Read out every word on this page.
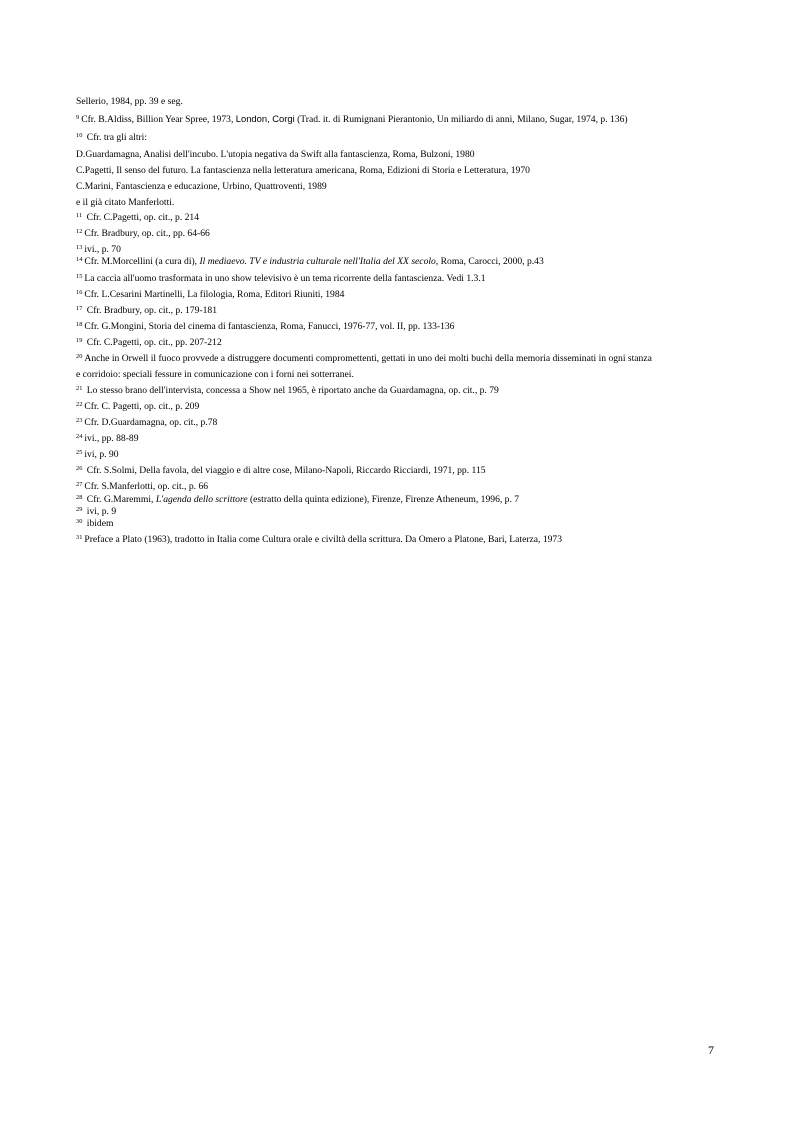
Sellerio, 1984, pp. 39 e seg.
$^9$ Cfr. B.Aldiss, Billion Year Spree, 1973, London, Corgi (Trad. it. di Rumignani Pierantonio, Un miliardo di anni, Milano, Sugar, 1974, p. 136)
$^{10}$ Cfr. tra gli altri:
D.Guardamagna, Analisi dell'incubo. L'utopia negativa da Swift alla fantascienza, Roma, Bulzoni, 1980
C.Pagetti, Il senso del futuro. La fantascienza nella letteratura americana, Roma, Edizioni di Storia e Letteratura, 1970
C.Marini, Fantascienza e educazione, Urbino, Quattroventi, 1989
e il già citato Manferlotti.
$^{11}$ Cfr. C.Pagetti, op. cit., p. 214
$^{12}$ Cfr. Bradbury, op. cit., pp. 64-66
$^{13}$ ivi., p. 70
$^{14}$ Cfr. M.Morcellini (a cura di), Il mediaevo. TV e industria culturale nell'Italia del XX secolo, Roma, Carocci, 2000, p.43
$^{15}$ La caccia all'uomo trasformata in uno show televisivo è un tema ricorrente della fantascienza. Vedi 1.3.1
$^{16}$ Cfr. L.Cesarini Martinelli, La filologia, Roma, Editori Riuniti, 1984
$^{17}$ Cfr. Bradbury, op. cit., p. 179-181
$^{18}$ Cfr. G.Mongini, Storia del cinema di fantascienza, Roma, Fanucci, 1976-77, vol. II, pp. 133-136
$^{19}$ Cfr. C.Pagetti, op. cit., pp. 207-212
$^{20}$ Anche in Orwell il fuoco provvede a distruggere documenti compromettenti, gettati in uno dei molti buchi della memoria disseminati in ogni stanza
e corridoio: speciali fessure in comunicazione con i forni nei sotterranei.
$^{21}$ Lo stesso brano dell'intervista, concessa a Show nel 1965, è riportato anche da Guardamagna, op. cit., p. 79
$^{22}$ Cfr. C. Pagetti, op. cit., p. 209
$^{23}$ Cfr. D.Guardamagna, op. cit., p.78
$^{24}$ ivi., pp. 88-89
$^{25}$ ivi, p. 90
$^{26}$ Cfr. S.Solmi, Della favola, del viaggio e di altre cose, Milano-Napoli, Riccardo Ricciardi, 1971, pp. 115
$^{27}$ Cfr. S.Manferlotti, op. cit., p. 66
$^{28}$ Cfr. G.Maremmi, L'agenda dello scrittore (estratto della quinta edizione), Firenze, Firenze Atheneum, 1996, p. 7
$^{29}$ ivi, p. 9
$^{30}$ ibidem
$^{31}$ Preface a Plato (1963), tradotto in Italia come Cultura orale e civiltà della scrittura. Da Omero a Platone, Bari, Laterza, 1973
7
